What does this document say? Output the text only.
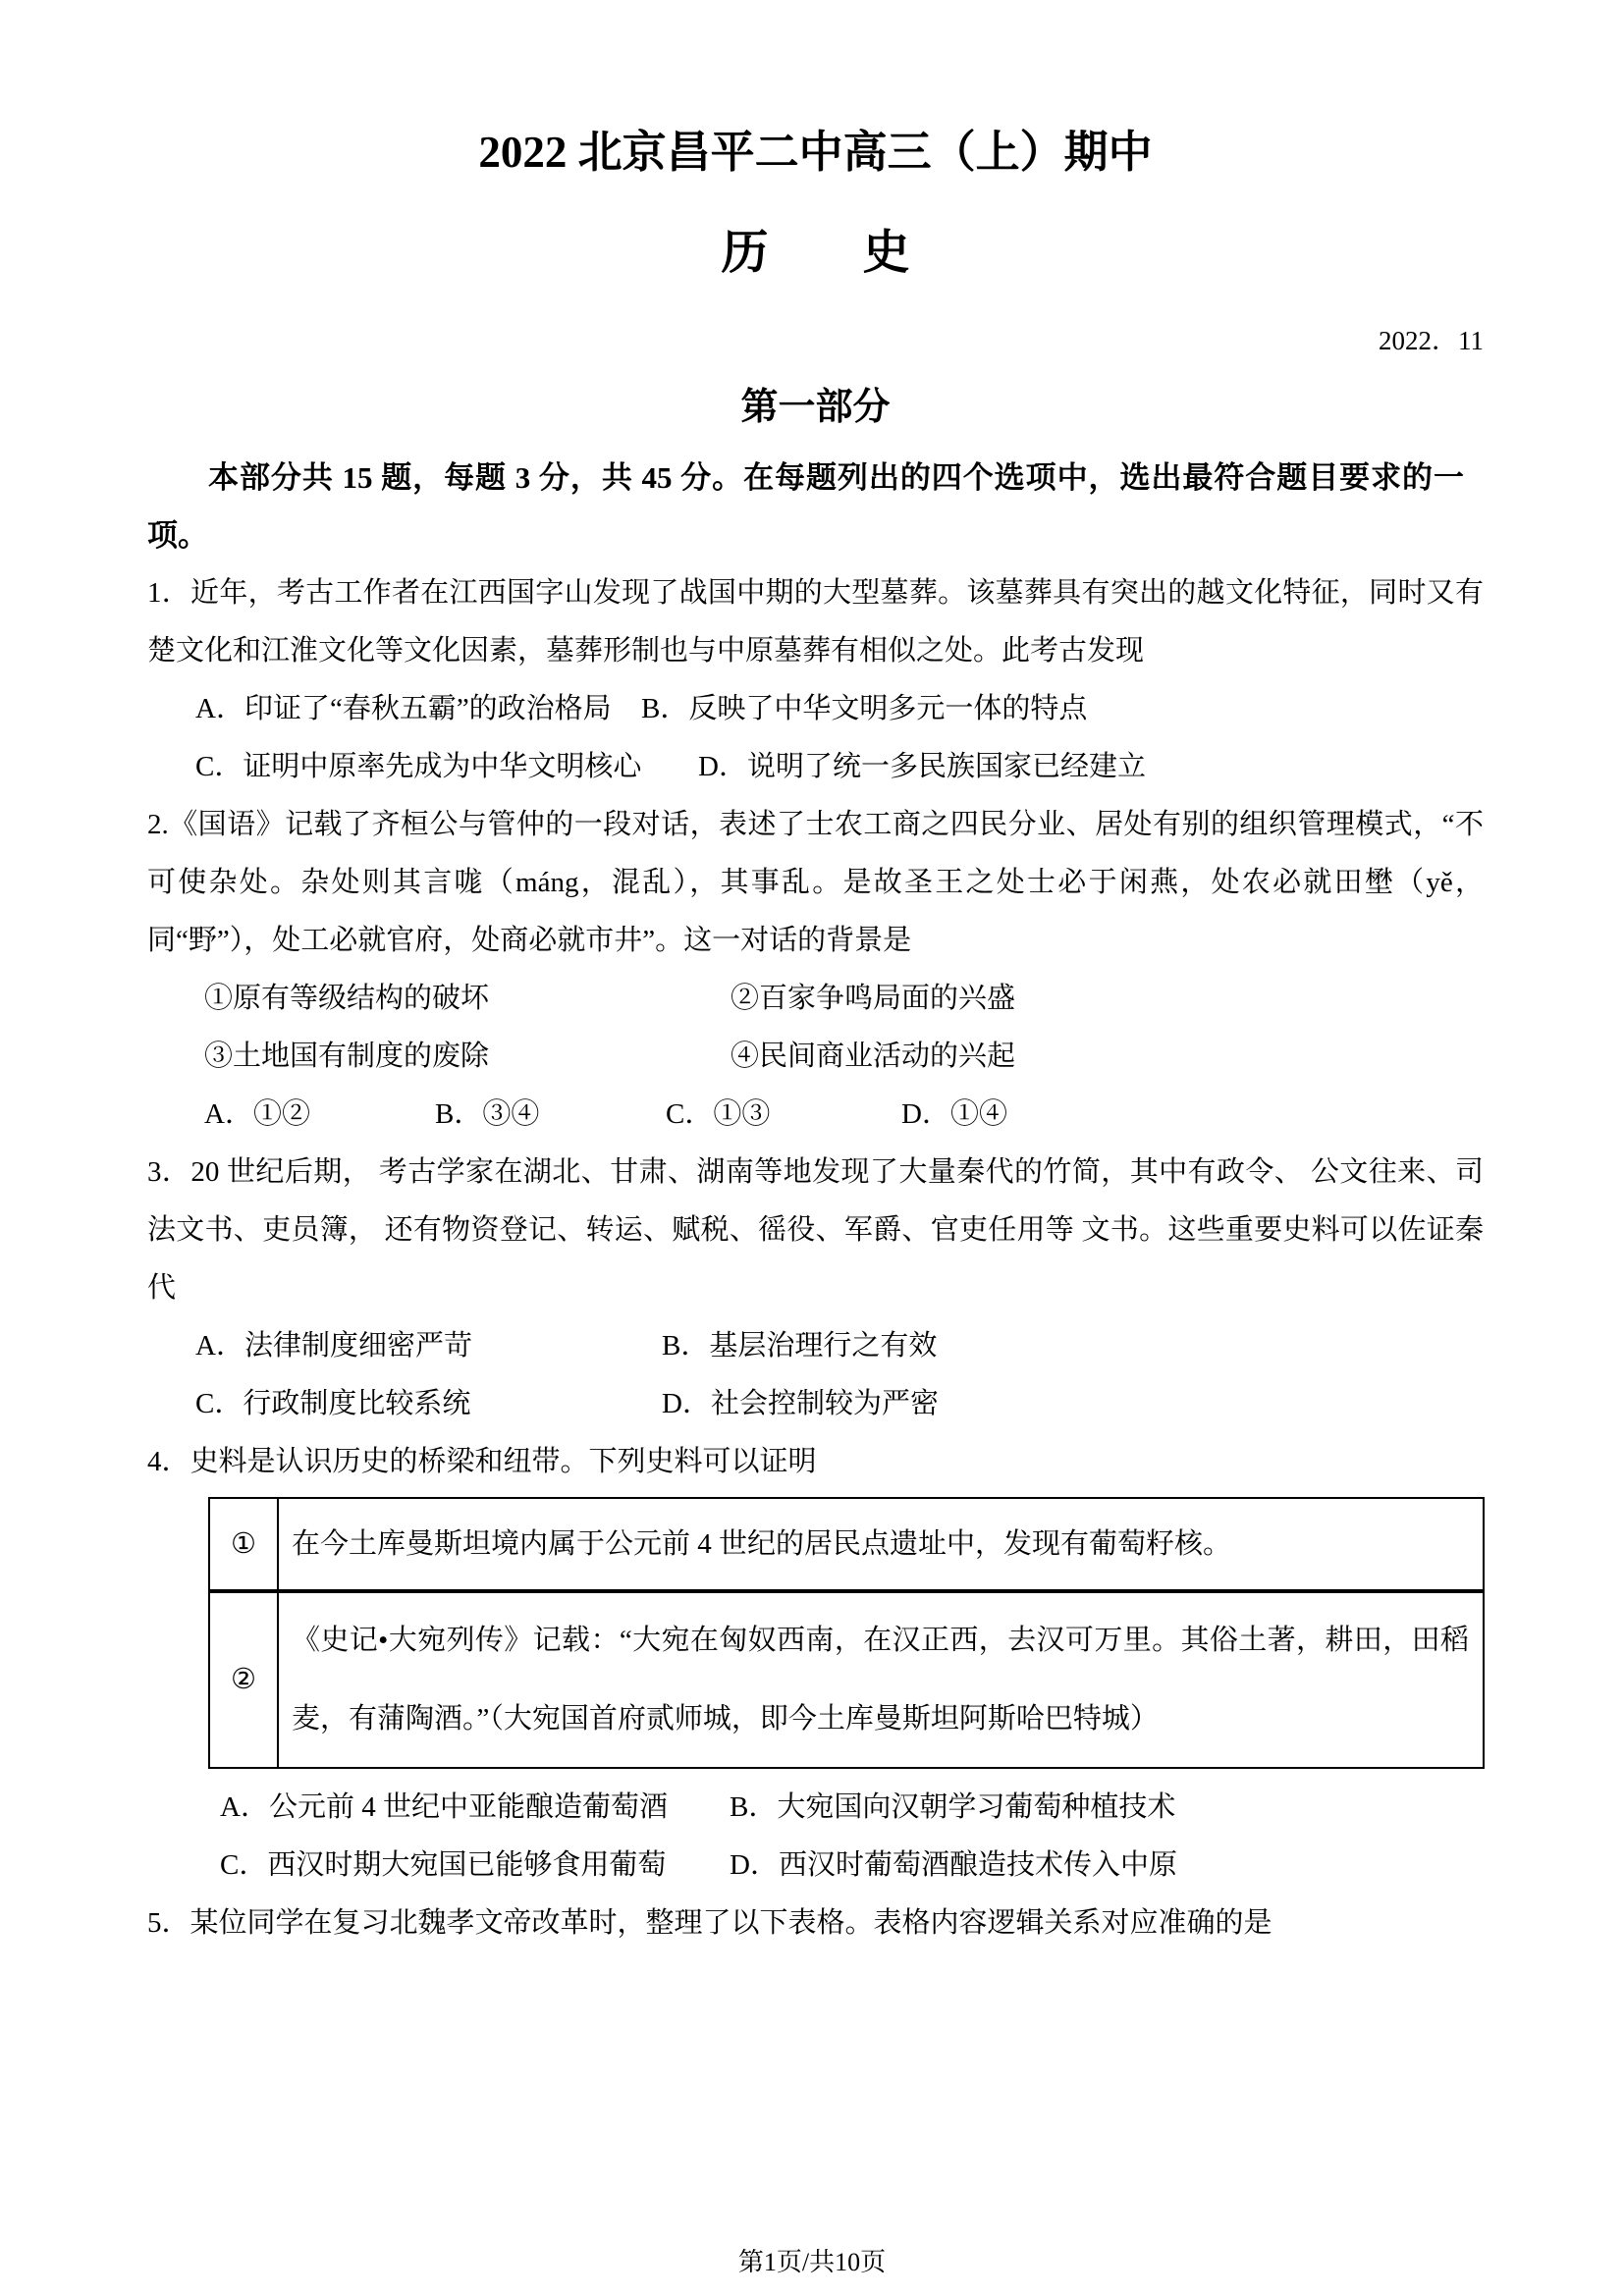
2022 北京昌平二中高三（上）期中
历　　史
2022．11
第一部分
本部分共 15 题，每题 3 分，共 45 分。在每题列出的四个选项中，选出最符合题目要求的一项。
1．近年，考古工作者在江西国字山发现了战国中期的大型墓葬。该墓葬具有突出的越文化特征，同时又有楚文化和江淮文化等文化因素，墓葬形制也与中原墓葬有相似之处。此考古发现
A．印证了“春秋五霸”的政治格局	B．反映了中华文明多元一体的特点
C．证明中原率先成为中华文明核心	D．说明了统一多民族国家已经建立
2.《国语》记载了齐桓公与管仲的一段对话，表述了士农工商之四民分业、居处有别的组织管理模式，“不可使杂处。杂处则其言哤（máng，混乱），其事乱。是故圣王之处士必于闲燕，处农必就田壄（yě，同“野”），处工必就官府，处商必就市井”。这一对话的背景是
①原有等级结构的破坏	②百家争鸣局面的兴盛
③土地国有制度的废除	④民间商业活动的兴起
A．①②	B．③④	C．①③	D．①④
3．20 世纪后期， 考古学家在湖北、甘肃、湖南等地发现了大量秦代的竹简，其中有政令、 公文往来、司法文书、吏员簿， 还有物资登记、转运、赋税、徭役、军爵、官吏任用等 文书。这些重要史料可以佐证秦代
A．法律制度细密严苛	B．基层治理行之有效
C．行政制度比较系统	D．社会控制较为严密
4．史料是认识历史的桥梁和纽带。下列史料可以证明
①	在今土库曼斯坦境内属于公元前 4 世纪的居民点遗址中，发现有葡萄籽核。
②	《史记•大宛列传》记载：“大宛在匈奴西南，在汉正西，去汉可万里。其俗土著，耕田，田稻麦，有蒲陶酒。”（大宛国首府贰师城，即今土库曼斯坦阿斯哈巴特城）
A．公元前 4 世纪中亚能酿造葡萄酒	B．大宛国向汉朝学习葡萄种植技术
C．西汉时期大宛国已能够食用葡萄	D．西汉时葡萄酒酿造技术传入中原
5．某位同学在复习北魏孝文帝改革时，整理了以下表格。表格内容逻辑关系对应准确的是
第1页/共10页
